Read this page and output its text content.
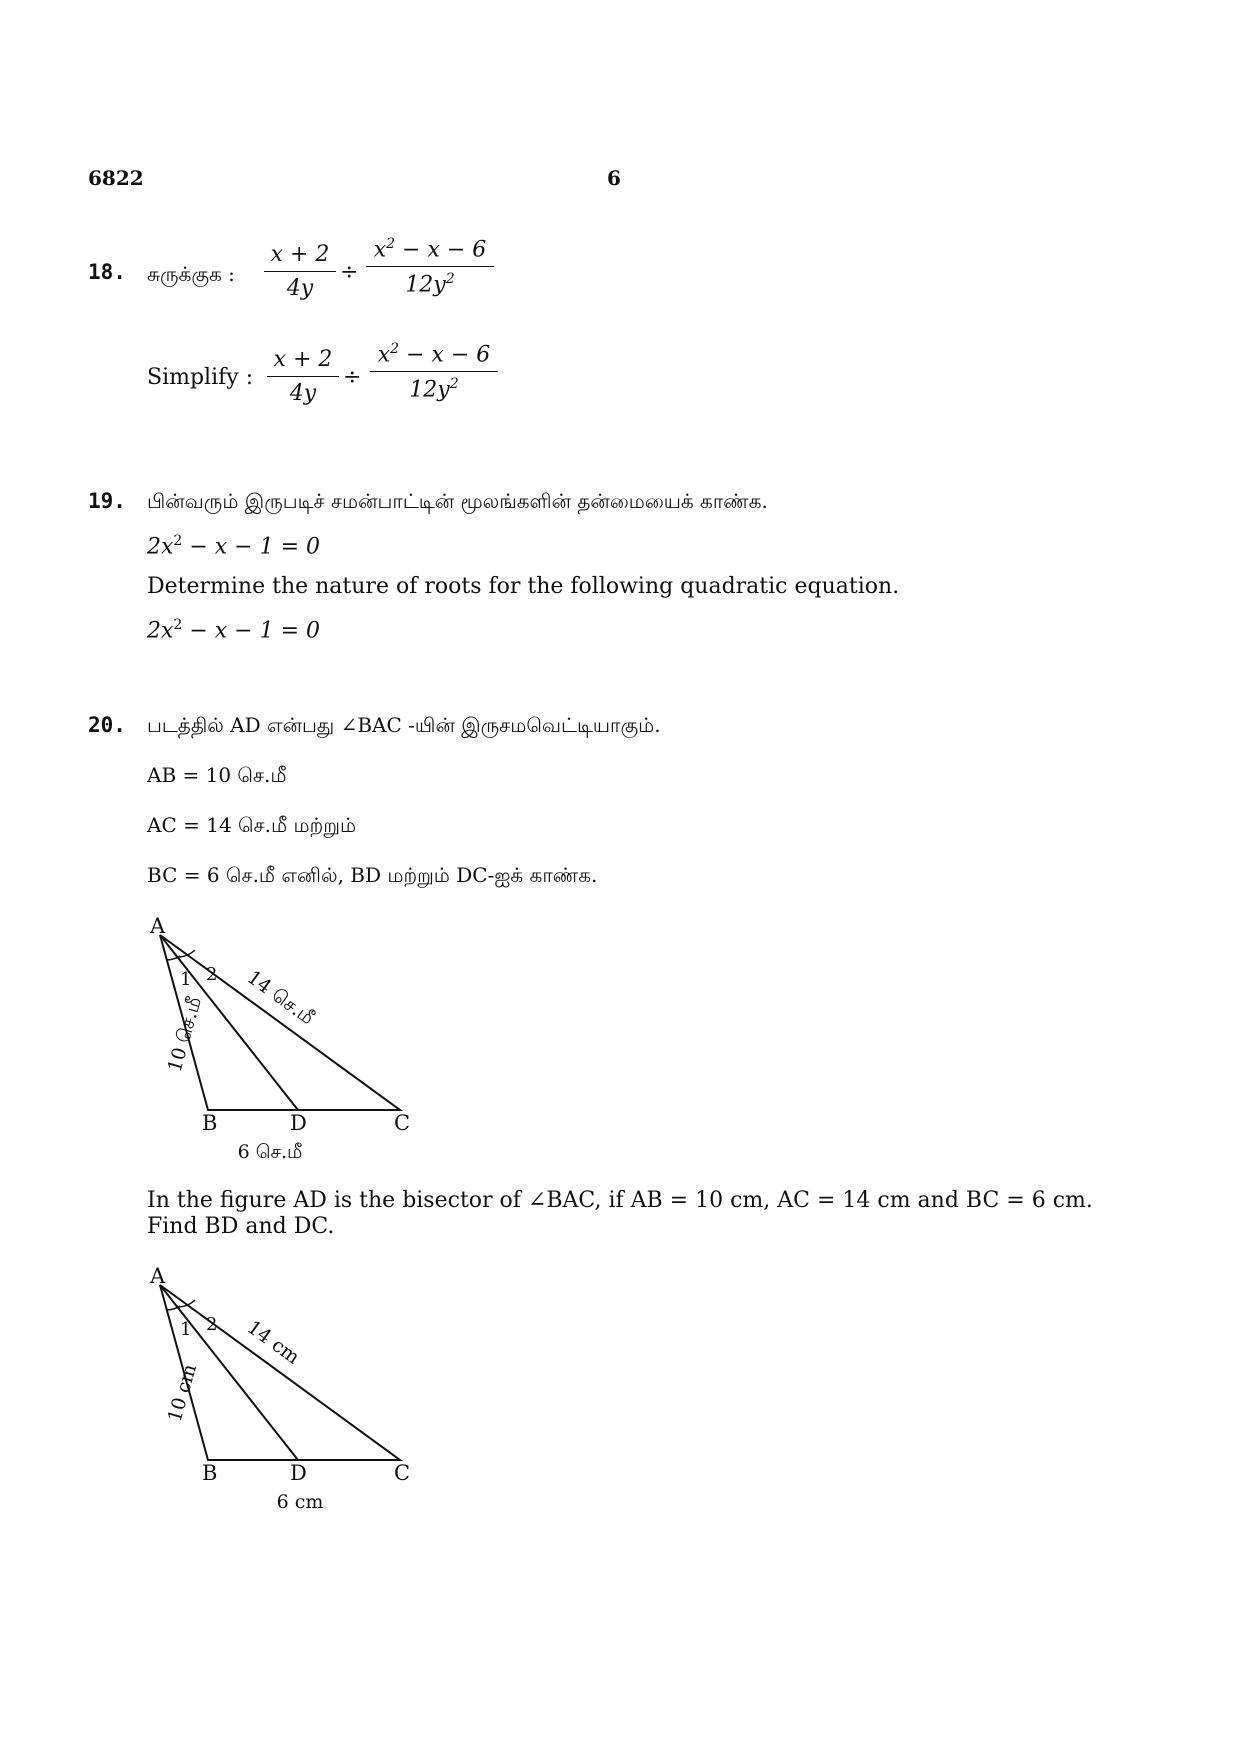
6822	6
18. சுருக்குக :
x + 2
4y
÷
$x^2 - x - 6$
$12y^2$
Simplify :
x + 2
4y
÷
$x^2 - x - 6$
$12y^2$
19. பின்வரும் இருபடிச் சமன்பாட்டின் மூலங்களின் தன்மையைக் காண்க.
$2x^2 - x - 1 = 0$
Determine the nature of roots for the following quadratic equation.
$2x^2 - x - 1 = 0$
20. படத்தில் AD என்பது ∠BAC -யின் இருசமவெட்டியாகும்.
AB = 10 செ.மீ
AC = 14 செ.மீ மற்றும்
BC = 6 செ.மீ எனில், BD மற்றும் DC-ஐக் காண்க.
A
B	D	C
1 2
10 செ.மீ 14 செ.மீ
6 செ.மீ
In the figure AD is the bisector of ∠BAC, if AB = 10 cm, AC = 14 cm and BC = 6 cm.
Find BD and DC.
A
B	D	C
1 2
10 cm
14 cm
6 cm
